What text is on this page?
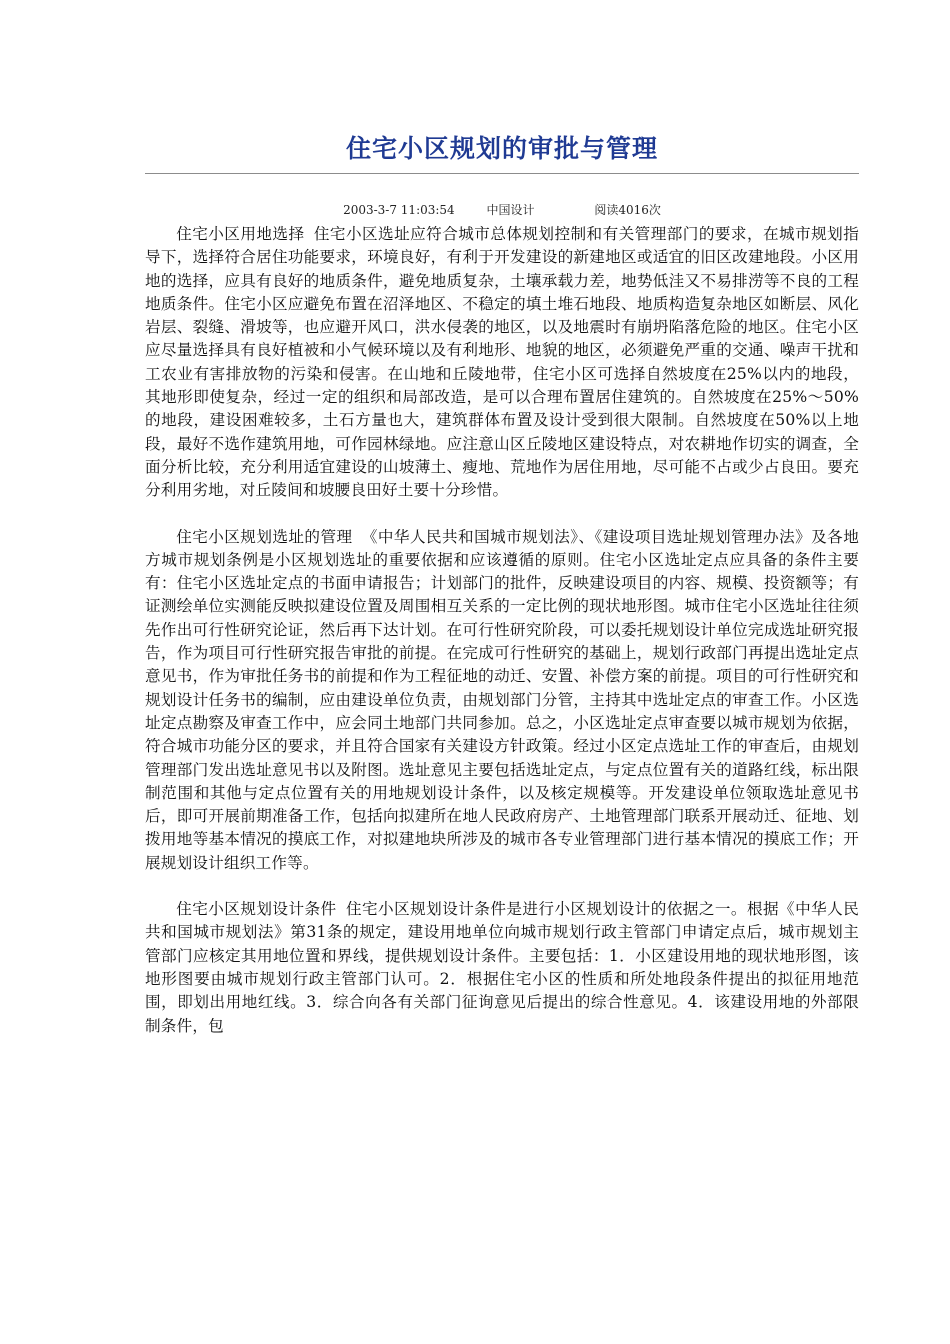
住宅小区规划的审批与管理
2003-3-7 11:03:54	中国设计	阅读4016次

住宅小区用地选择 住宅小区选址应符合城市总体规划控制和有关管理部门的要求，在城市规划指导下，选择符合居住功能要求，环境良好，有利于开发建设的新建地区或适宜的旧区改建地段。小区用地的选择，应具有良好的地质条件，避免地质复杂，土壤承载力差，地势低洼又不易排涝等不良的工程地质条件。住宅小区应避免布置在沼泽地区、不稳定的填土堆石地段、地质构造复杂地区如断层、风化岩层、裂缝、滑坡等，也应避开风口，洪水侵袭的地区，以及地震时有崩坍陷落危险的地区。住宅小区应尽量选择具有良好植被和小气候环境以及有利地形、地貌的地区，必须避免严重的交通、噪声干扰和工农业有害排放物的污染和侵害。在山地和丘陵地带，住宅小区可选择自然坡度在25%以内的地段，其地形即使复杂，经过一定的组织和局部改造，是可以合理布置居住建筑的。自然坡度在25%～50%的地段，建设困难较多，土石方量也大，建筑群体布置及设计受到很大限制。自然坡度在50%以上地段，最好不选作建筑用地，可作园林绿地。应注意山区丘陵地区建设特点，对农耕地作切实的调查，全面分析比较，充分利用适宜建设的山坡薄土、瘦地、荒地作为居住用地，尽可能不占或少占良田。要充分利用劣地，对丘陵间和坡腰良田好土要十分珍惜。

住宅小区规划选址的管理 《中华人民共和国城市规划法》、《建设项目选址规划管理办法》及各地方城市规划条例是小区规划选址的重要依据和应该遵循的原则。住宅小区选址定点应具备的条件主要有：住宅小区选址定点的书面申请报告；计划部门的批件，反映建设项目的内容、规模、投资额等；有证测绘单位实测能反映拟建设位置及周围相互关系的一定比例的现状地形图。城市住宅小区选址往往须先作出可行性研究论证，然后再下达计划。在可行性研究阶段，可以委托规划设计单位完成选址研究报告，作为项目可行性研究报告审批的前提。在完成可行性研究的基础上，规划行政部门再提出选址定点意见书，作为审批任务书的前提和作为工程征地的动迁、安置、补偿方案的前提。项目的可行性研究和规划设计任务书的编制，应由建设单位负责，由规划部门分管，主持其中选址定点的审查工作。小区选址定点勘察及审查工作中，应会同土地部门共同参加。总之，小区选址定点审查要以城市规划为依据，符合城市功能分区的要求，并且符合国家有关建设方针政策。经过小区定点选址工作的审查后，由规划管理部门发出选址意见书以及附图。选址意见主要包括选址定点，与定点位置有关的道路红线，标出限制范围和其他与定点位置有关的用地规划设计条件，以及核定规模等。开发建设单位领取选址意见书后，即可开展前期准备工作，包括向拟建所在地人民政府房产、土地管理部门联系开展动迁、征地、划拨用地等基本情况的摸底工作，对拟建地块所涉及的城市各专业管理部门进行基本情况的摸底工作；开展规划设计组织工作等。

住宅小区规划设计条件 住宅小区规划设计条件是进行小区规划设计的依据之一。根据《中华人民共和国城市规划法》第31条的规定，建设用地单位向城市规划行政主管部门申请定点后，城市规划主管部门应核定其用地位置和界线，提供规划设计条件。主要包括：1．小区建设用地的现状地形图，该地形图要由城市规划行政主管部门认可。2．根据住宅小区的性质和所处地段条件提出的拟征用地范围，即划出用地红线。3．综合向各有关部门征询意见后提出的综合性意见。4．该建设用地的外部限制条件，包
